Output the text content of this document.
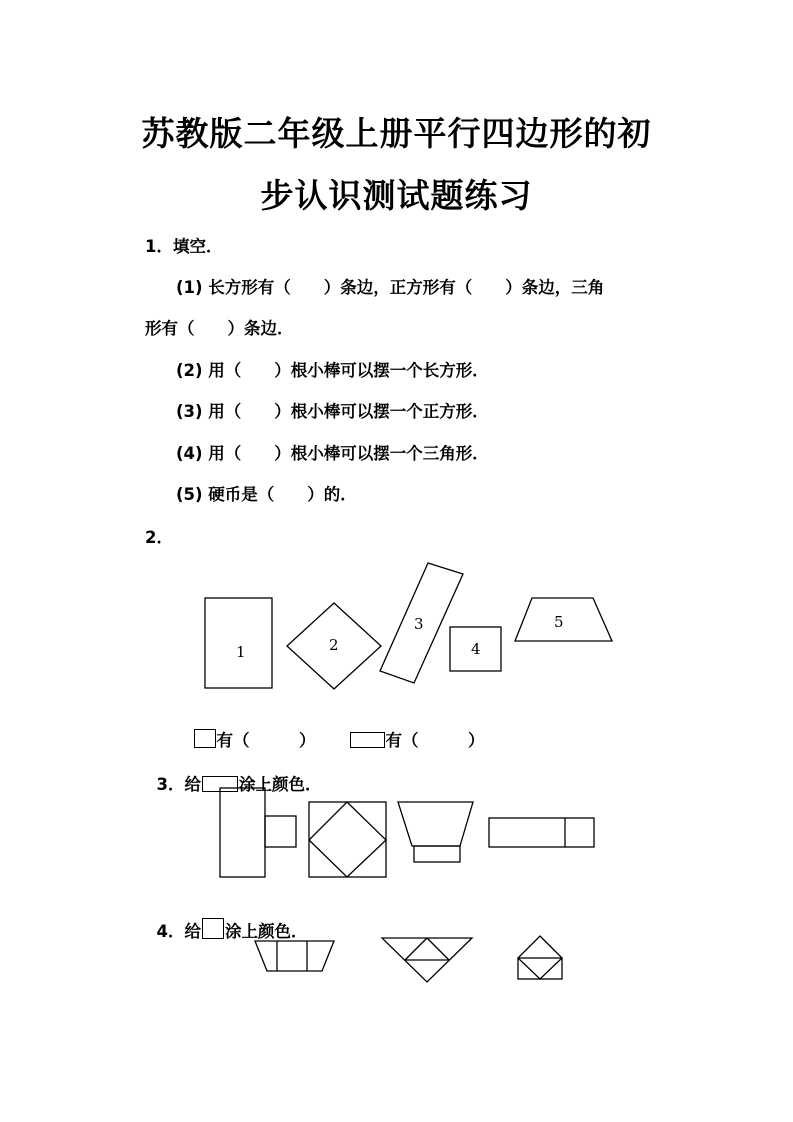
苏教版二年级上册平行四边形的初
步认识测试题练习
1．填空．
(1) 长方形有（　　）条边，正方形有（　　）条边，三角
形有（　　）条边．
(2) 用（　　）根小棒可以摆一个长方形．
(3) 用（　　）根小棒可以摆一个正方形．
(4) 用（　　）根小棒可以摆一个三角形．
(5) 硬币是（　　）的．
2．
1	2
3
4
5

有（　　　）	有（　　　）

3．给 涂上颜色．

4．给 涂上颜色．
